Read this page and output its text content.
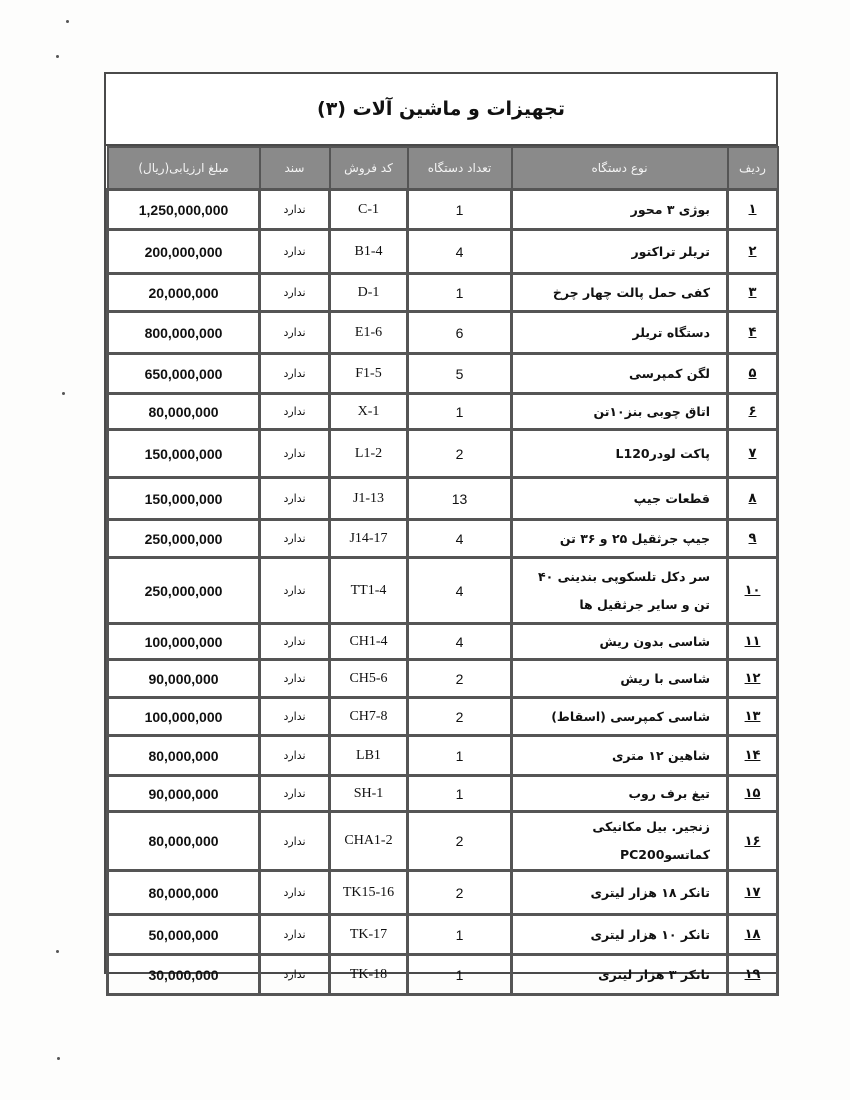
تجهیزات و ماشین آلات (۳)
ردیف	نوع دستگاه	تعداد دستگاه	کد فروش	سند	مبلغ ارزیابی(ریال)
۱	بوژی ۳ محور	1	C-1	ندارد	1,250,000,000
۲	تریلر تراکتور	4	B1-4	ندارد	200,000,000
۳	کفی حمل پالت چهار چرخ	1	D-1	ندارد	20,000,000
۴	دستگاه تریلر	6	E1-6	ندارد	800,000,000
۵	لگن کمپرسی	5	F1-5	ندارد	650,000,000
۶	اتاق چوبی بنز۱۰تن	1	X-1	ندارد	80,000,000
۷	پاکت لودرL120	2	L1-2	ندارد	150,000,000
۸	قطعات جیپ	13	J1-13	ندارد	150,000,000
۹	جیپ جرثقیل ۲۵ و ۳۶ تن	4	J14-17	ندارد	250,000,000
۱۰	سر دکل تلسکوپی بندینی ۴۰ تن و سایر جرثقیل ها	4	TT1-4	ندارد	250,000,000
۱۱	شاسی بدون ریش	4	CH1-4	ندارد	100,000,000
۱۲	شاسی با ریش	2	CH5-6	ندارد	90,000,000
۱۳	شاسی کمپرسی (اسقاط)	2	CH7-8	ندارد	100,000,000
۱۴	شاهین ۱۲ متری	1	LB1	ندارد	80,000,000
۱۵	تیغ برف روب	1	SH-1	ندارد	90,000,000
۱۶	زنجیر. بیل مکانیکی کماتسوPC200	2	CHA1-2	ندارد	80,000,000
۱۷	تانکر ۱۸ هزار لیتری	2	TK15-16	ندارد	80,000,000
۱۸	تانکر ۱۰ هزار لیتری	1	TK-17	ندارد	50,000,000
۱۹	تانکر ۳ هزار لیتری	1	TK-18	ندارد	30,000,000
